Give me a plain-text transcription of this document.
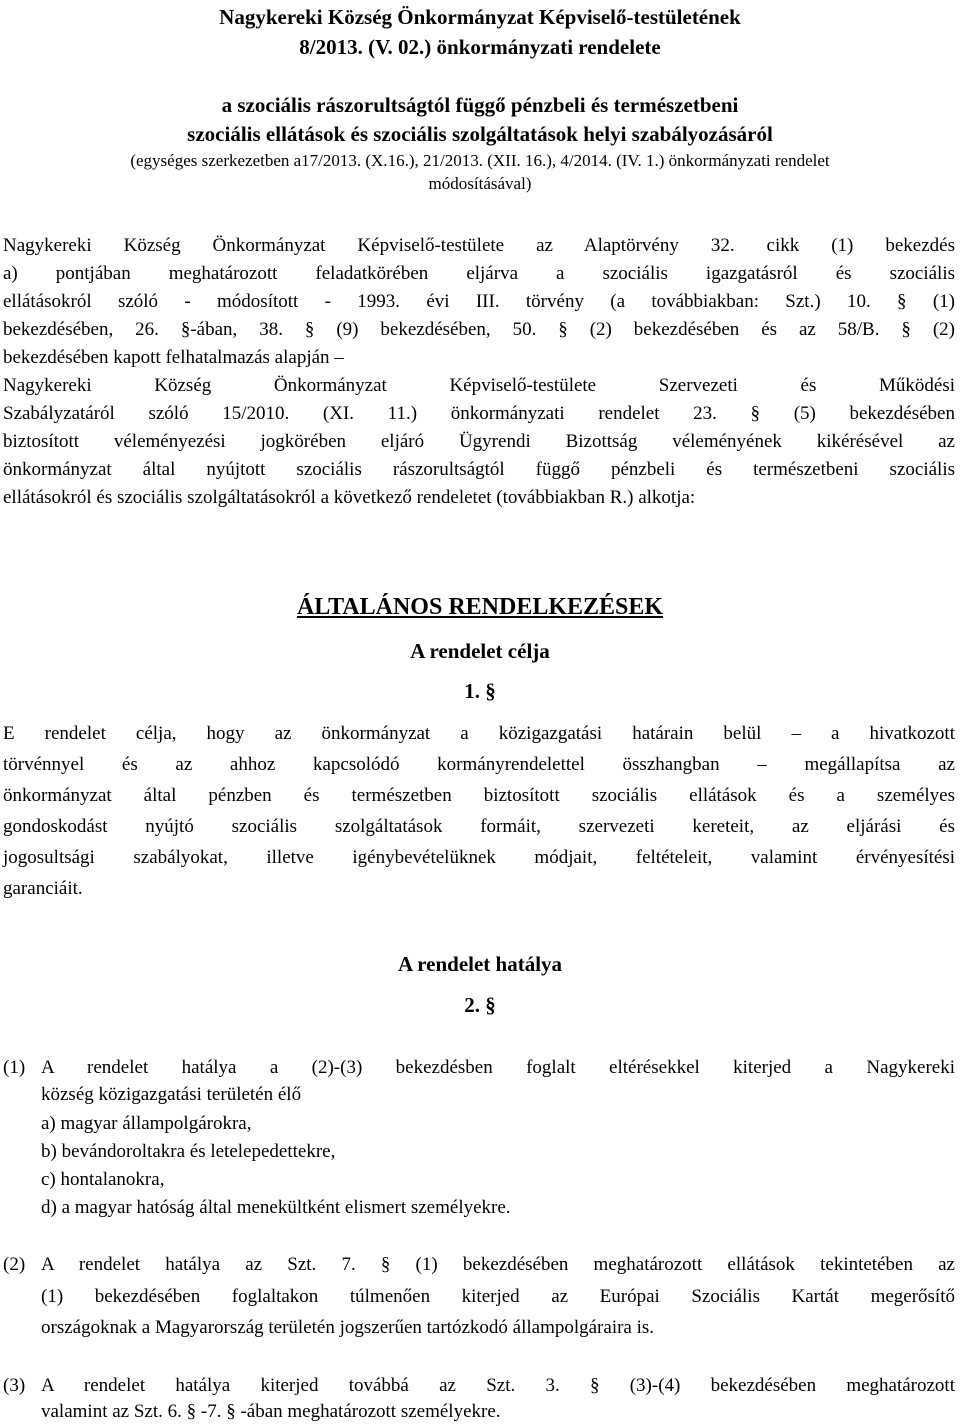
Nagykereki Község Önkormányzat Képviselő-testületének
8/2013. (V. 02.) önkormányzati rendelete
a szociális rászorultságtól függő pénzbeli és természetbeni
szociális ellátások és szociális szolgáltatások helyi szabályozásáról
(egységes szerkezetben a17/2013. (X.16.), 21/2013. (XII. 16.), 4/2014. (IV. 1.) önkormányzati rendelet
módosításával)
Nagykereki Község Önkormányzat Képviselő-testülete az Alaptörvény 32. cikk (1) bekezdés
a) pontjában meghatározott feladatkörében eljárva a szociális igazgatásról és szociális
ellátásokról szóló - módosított - 1993. évi III. törvény (a továbbiakban: Szt.) 10. § (1)
bekezdésében, 26. §-ában, 38. § (9) bekezdésében, 50. § (2) bekezdésében és az 58/B. § (2)
bekezdésében kapott felhatalmazás alapján –
Nagykereki Község Önkormányzat Képviselő-testülete Szervezeti és Működési
Szabályzatáról szóló 15/2010. (XI. 11.) önkormányzati rendelet 23. § (5) bekezdésében
biztosított véleményezési jogkörében eljáró Ügyrendi Bizottság véleményének kikérésével az
önkormányzat által nyújtott szociális rászorultságtól függő pénzbeli és természetbeni szociális
ellátásokról és szociális szolgáltatásokról a következő rendeletet (továbbiakban R.) alkotja:
ÁLTALÁNOS RENDELKEZÉSEK
A rendelet célja
1. §
E rendelet célja, hogy az önkormányzat a közigazgatási határain belül – a hivatkozott
törvénnyel és az ahhoz kapcsolódó kormányrendelettel összhangban – megállapítsa az
önkormányzat által pénzben és természetben biztosított szociális ellátások és a személyes
gondoskodást nyújtó szociális szolgáltatások formáit, szervezeti kereteit, az eljárási és
jogosultsági szabályokat, illetve igénybevételüknek módjait, feltételeit, valamint érvényesítési
garanciáit.
A rendelet hatálya
2. §
(1) A rendelet hatálya a (2)-(3) bekezdésben foglalt eltérésekkel kiterjed a Nagykereki
község közigazgatási területén élő
a) magyar állampolgárokra,
b) bevándoroltakra és letelepedettekre,
c) hontalanokra,
d) a magyar hatóság által menekültként elismert személyekre.
(2) A rendelet hatálya az Szt. 7. § (1) bekezdésében meghatározott ellátások tekintetében az
(1) bekezdésében foglaltakon túlmenően kiterjed az Európai Szociális Kartát megerősítő
országoknak a Magyarország területén jogszerűen tartózkodó állampolgáraira is.
(3) A rendelet hatálya kiterjed továbbá az Szt. 3. § (3)-(4) bekezdésében meghatározott
valamint az Szt. 6. § -7. § -ában meghatározott személyekre.
